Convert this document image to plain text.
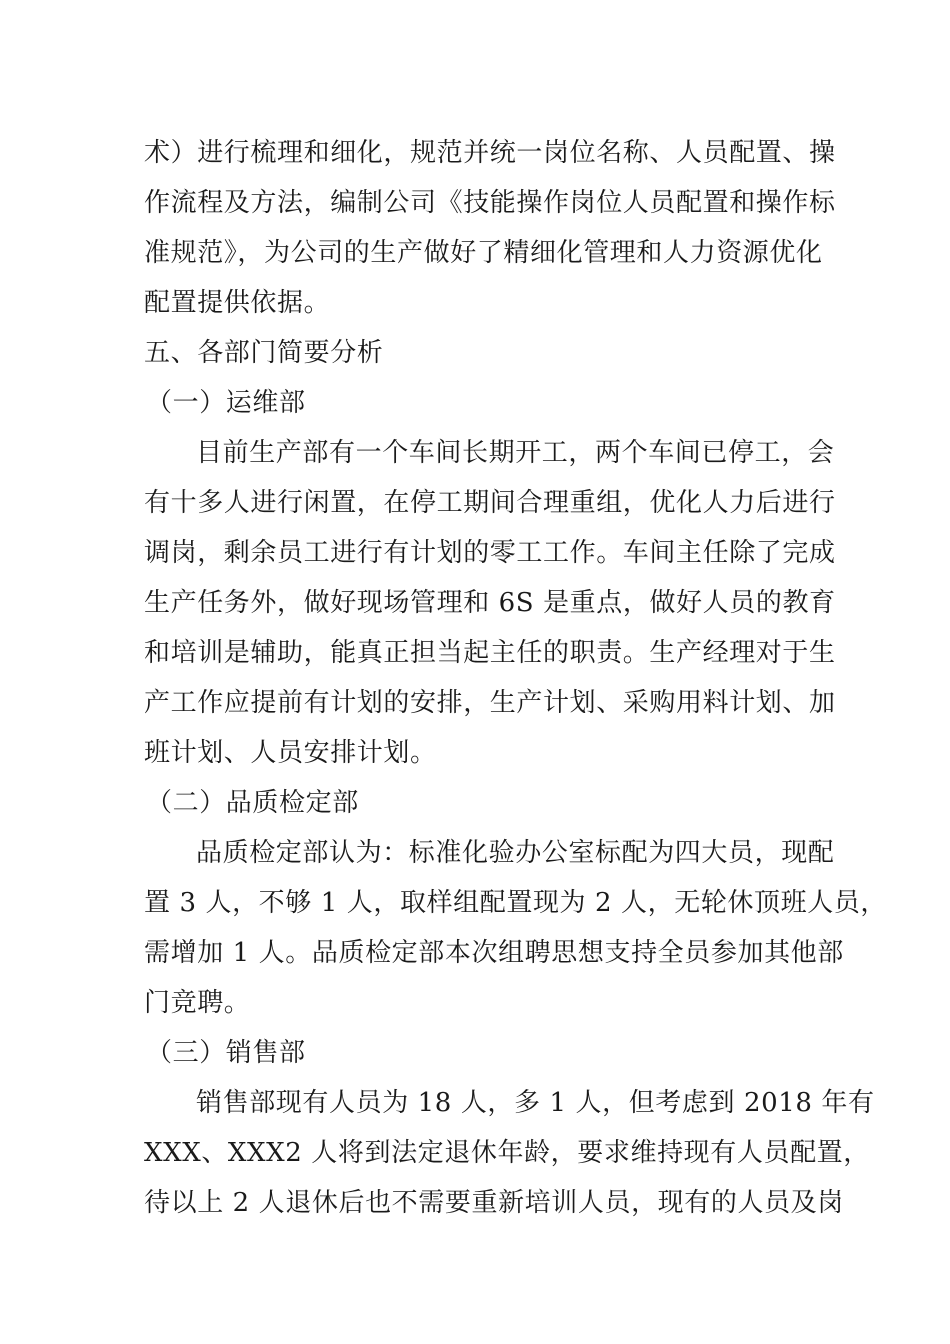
术）进行梳理和细化，规范并统一岗位名称、人员配置、操
作流程及方法，编制公司《技能操作岗位人员配置和操作标
准规范》，为公司的生产做好了精细化管理和人力资源优化
配置提供依据。
五、各部门简要分析
（一）运维部
目前生产部有一个车间长期开工，两个车间已停工，会
有十多人进行闲置，在停工期间合理重组，优化人力后进行
调岗，剩余员工进行有计划的零工工作。车间主任除了完成
生产任务外，做好现场管理和 6S 是重点，做好人员的教育
和培训是辅助，能真正担当起主任的职责。生产经理对于生
产工作应提前有计划的安排，生产计划、采购用料计划、加
班计划、人员安排计划。
（二）品质检定部
品质检定部认为：标准化验办公室标配为四大员，现配
置 3 人，不够 1 人，取样组配置现为 2 人，无轮休顶班人员，
需增加 1 人。品质检定部本次组聘思想支持全员参加其他部
门竞聘。
（三）销售部
销售部现有人员为 18 人，多 1 人，但考虑到 2018 年有
XXX、XXX2 人将到法定退休年龄，要求维持现有人员配置，
待以上 2 人退休后也不需要重新培训人员，现有的人员及岗
